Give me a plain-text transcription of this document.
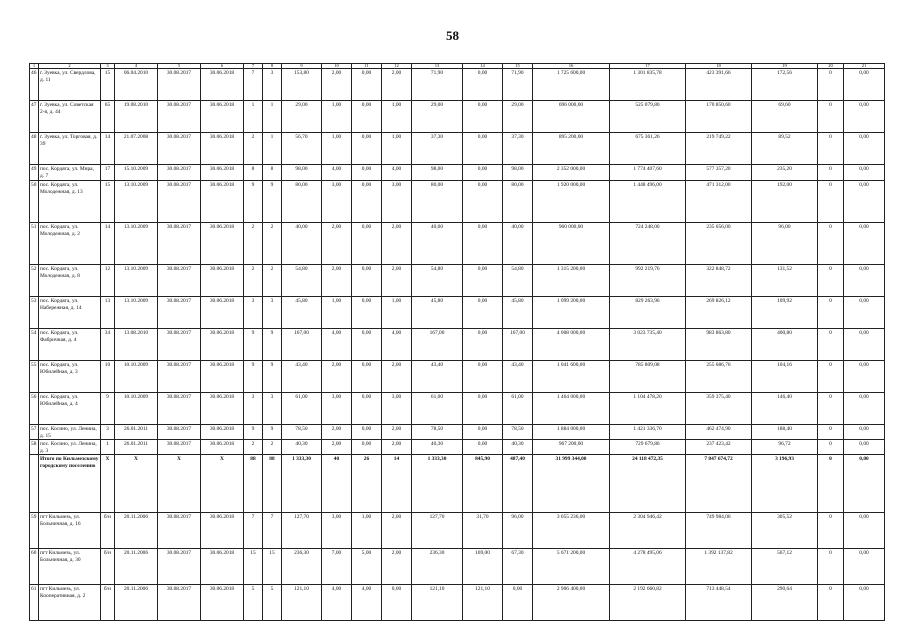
58
1	2	3	4	5	6	7	8	9	10	11	12	13	14	15	16	17	18	19	20	21
46	г. Зуевка, ул. Свердлова, д. 11	15	06.04.2010	30.08.2017	30.06.2018	7	3	153,80	2,00	0,00	2,00	71,90	0,00	71,90	1 725 600,00	1 301 835,78	423 391,66	172,56	0	0,00
47	г. Зуевка, ул. Советская 2-я, д. 44	65	19.08.2010	30.08.2017	30.06.2018	1	1	29,00	1,00	0,00	1,00	29,00	0,00	29,00	696 000,00	525 079,80	170 850,60	69,60	0	0,00
48	г. Зуевка, ул. Торговая, д. 39	14	21.07.2008	30.08.2017	30.06.2018	2	1	56,70	1,00	0,00	1,00	37,30	0,00	37,30	895 200,00	675 361,26	219 749,22	89,52	0	0,00
49	пос. Кордяга, ул. Мира, д. 7	17	15.10.2009	30.08.2017	30.06.2018	8	8	98,00	4,00	0,00	4,00	98,00	0,00	98,00	2 352 000,00	1 774 407,60	577 357,20	235,20	0	0,00
50	пос. Кордяга, ул. Молодежная, д. 13	15	13.10.2009	30.08.2017	30.06.2018	9	9	80,00	3,00	0,00	3,00	80,00	0,00	80,00	1 920 000,00	1 448 496,00	471 312,00	192,00	0	0,00
51	пос. Кордяга, ул. Молодежная, д. 2	14	13.10.2009	30.08.2017	30.06.2018	2	2	40,00	2,00	0,00	2,00	40,00	0,00	40,00	960 000,00	724 248,00	235 656,00	96,00	0	0,00
52	пос. Кордяга, ул. Молодежная, д. 8	12	13.10.2009	30.08.2017	30.06.2018	2	2	54,80	2,00	0,00	2,00	54,80	0,00	54,80	1 315 200,00	992 219,76	322 848,72	131,52	0	0,00
53	пос. Кордяга, ул. Набережная, д. 14	13	13.10.2009	30.08.2017	30.06.2018	3	3	45,80	1,00	0,00	1,00	45,80	0,00	45,80	1 099 200,00	829 263,96	269 826,12	109,92	0	0,00
54	пос. Кордяга, ул. Фабричная, д. 4	34	13.08.2010	30.08.2017	30.06.2018	9	9	167,00	4,00	0,00	4,00	167,00	0,00	167,00	4 008 000,00	3 023 735,40	983 863,80	400,80	0	0,00
55	пос. Кордяга, ул. Юбилейная, д. 3	10	10.10.2009	30.08.2017	30.06.2018	9	9	43,40	2,00	0,00	2,00	43,40	0,00	43,40	1 041 600,00	785 809,08	255 686,76	104,16	0	0,00
56	пос. Кордяга, ул. Юбилейная, д. 4	9	10.10.2009	30.08.2017	30.06.2018	3	3	61,00	3,00	0,00	3,00	61,00	0,00	61,00	1 464 000,00	1 104 478,20	359 375,40	146,40	0	0,00
57	пос. Косино, ул. Ленина, д. 15	3	26.01.2011	30.08.2017	30.06.2018	9	9	78,50	2,00	0,00	2,00	78,50	0,00	78,50	1 884 000,00	1 421 336,70	462 474,90	188,40	0	0,00
58	пос. Косино, ул. Ленина, д. 3	1	26.01.2011	30.08.2017	30.06.2018	2	2	40,30	2,00	0,00	2,00	40,30	0,00	40,30	967 200,00	729 679,86	237 423,42	96,72	0	0,00
	Итого по Кильмезскому городскому поселению	X	X	X	X	88	88	1 333,30	40	26	14	1 333,30	845,90	487,40	31 999 344,00	24 118 472,35	7 847 674,72	3 196,93	0	0,00
59	пгт Кильмезь, ул. Больничная, д. 16	б/н	20.11.2006	30.08.2017	30.06.2018	7	7	127,70	3,00	1,00	2,00	127,70	31,70	96,00	3 055 236,00	2 304 946,42	749 984,06	305,52	0	0,00
60	пгт Кильмезь, ул. Больничная, д. 30	б/н	20.11.2006	30.08.2017	30.06.2018	15	15	236,30	7,00	5,00	2,00	236,30	169,00	67,30	5 671 200,00	4 278 495,06	1 392 137,82	567,12	0	0,00
61	пгт Кильмезь, ул. Кооперативная, д. 2	б/н	20.11.2006	30.08.2017	30.06.2018	5	5	121,10	4,00	4,00	0,00	121,10	121,10	0,00	2 906 400,00	2 192 660,82	713 448,54	290,64	0	0,00
